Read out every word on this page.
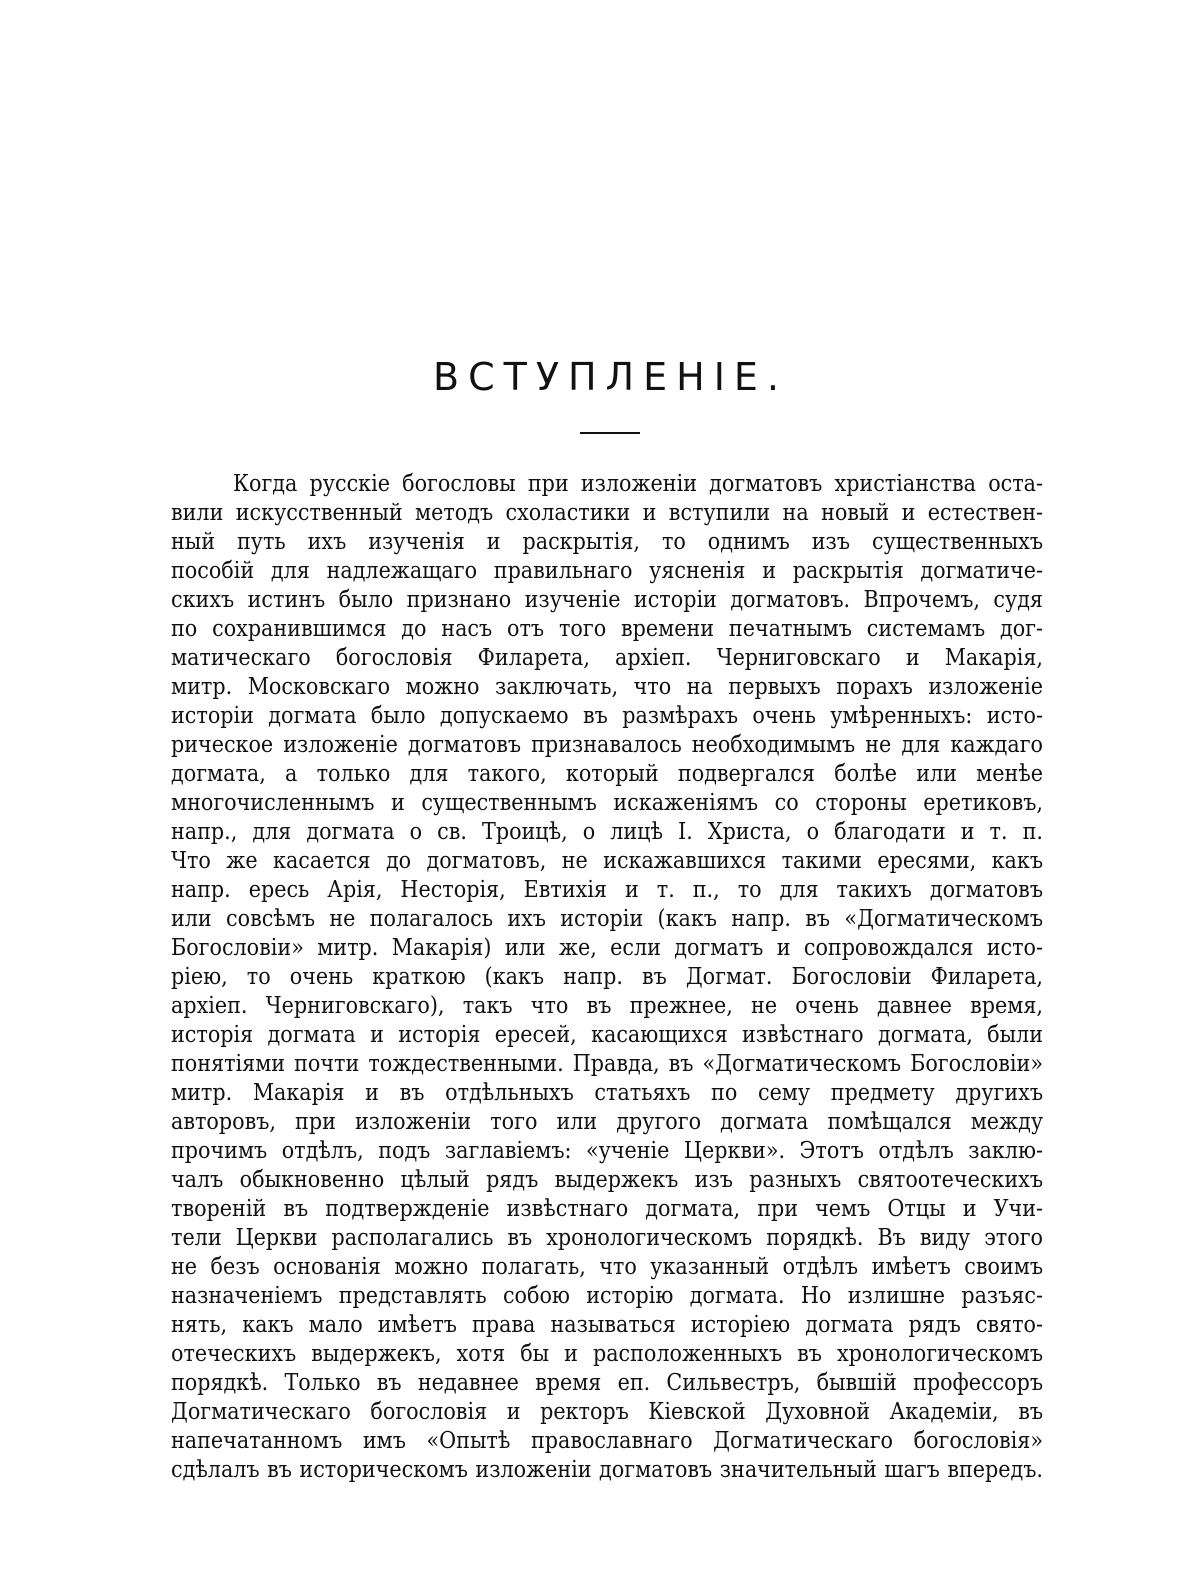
ВСТУПЛЕНІЕ.
Когда русскіе богословы при изложеніи догматовъ христіанства оста-
вили искусственный методъ схоластики и вступили на новый и естествен-
ный путь ихъ изученія и раскрытія, то однимъ изъ существенныхъ
пособій для надлежащаго правильнаго уясненія и раскрытія догматиче-
скихъ истинъ было признано изученіе исторіи догматовъ. Впрочемъ, судя
по сохранившимся до насъ отъ того времени печатнымъ системамъ дог-
матическаго богословія Филарета, архіеп. Черниговскаго и Макарія,
митр. Московскаго можно заключать, что на первыхъ порахъ изложеніе
исторіи догмата было допускаемо въ размѣрахъ очень умѣренныхъ: исто-
рическое изложеніе догматовъ признавалось необходимымъ не для каждаго
догмата, а только для такого, который подвергался болѣе или менѣе
многочисленнымъ и существеннымъ искаженіямъ со стороны еретиковъ,
напр., для догмата о св. Троицѣ, о лицѣ І. Христа, о благодати и т. п.
Что же касается до догматовъ, не искажавшихся такими ересями, какъ
напр. ересь Арія, Несторія, Евтихія и т. п., то для такихъ догматовъ
или совсѣмъ не полагалось ихъ исторіи (какъ напр. въ «Догматическомъ
Богословіи» митр. Макарія) или же, если догматъ и сопровождался исто-
ріею, то очень краткою (какъ напр. въ Догмат. Богословіи Филарета,
архіеп. Черниговскаго), такъ что въ прежнее, не очень давнее время,
исторія догмата и исторія ересей, касающихся извѣстнаго догмата, были
понятіями почти тождественными. Правда, въ «Догматическомъ Богословіи»
митр. Макарія и въ отдѣльныхъ статьяхъ по сему предмету другихъ
авторовъ, при изложеніи того или другого догмата помѣщался между
прочимъ отдѣлъ, подъ заглавіемъ: «ученіе Церкви». Этотъ отдѣлъ заклю-
чалъ обыкновенно цѣлый рядъ выдержекъ изъ разныхъ святоотеческихъ
твореній въ подтвержденіе извѣстнаго догмата, при чемъ Отцы и Учи-
тели Церкви располагались въ хронологическомъ порядкѣ. Въ виду этого
не безъ основанія можно полагать, что указанный отдѣлъ имѣетъ своимъ
назначеніемъ представлять собою исторію догмата. Но излишне разъяс-
нять, какъ мало имѣетъ права называться исторіею догмата рядъ свято-
отеческихъ выдержекъ, хотя бы и расположенныхъ въ хронологическомъ
порядкѣ. Только въ недавнее время еп. Сильвестръ, бывшій профессоръ
Догматическаго богословія и ректоръ Кіевской Духовной Академіи, въ
напечатанномъ имъ «Опытѣ православнаго Догматическаго богословія»
сдѣлалъ въ историческомъ изложеніи догматовъ значительный шагъ впередъ.
